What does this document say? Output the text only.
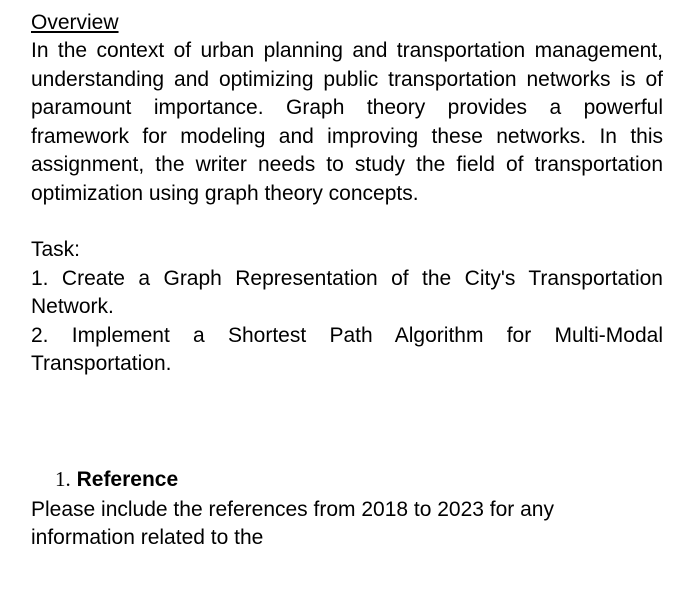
Overview

In the context of urban planning and transportation management, understanding and optimizing public transportation networks is of paramount importance. Graph theory provides a powerful framework for modeling and improving these networks. In this assignment, the writer needs to study the field of transportation optimization using graph theory concepts.

Task:

1. Create a Graph Representation of the City's Transportation Network.

2. Implement a Shortest Path Algorithm for Multi-Modal Transportation.

1. Reference

Please include the references from 2018 to 2023 for any information related to the
